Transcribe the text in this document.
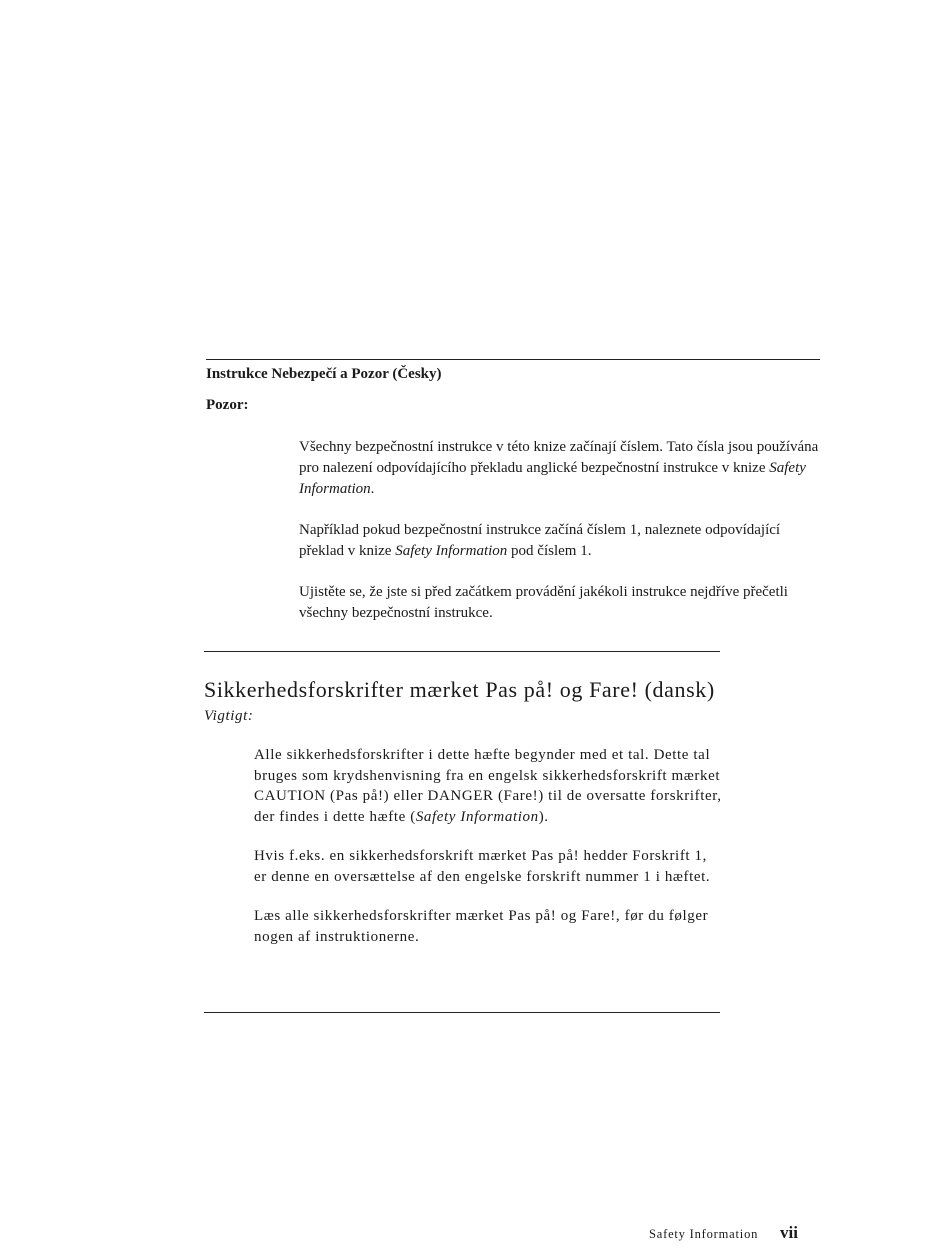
Instrukce Nebezpečí a Pozor (Česky)
Pozor:

Všechny bezpečnostní instrukce v této knize začínají číslem. Tato čísla jsou používána pro nalezení odpovídajícího překladu anglické bezpečnostní instrukce v knize Safety Information.

Například pokud bezpečnostní instrukce začíná číslem 1, naleznete odpovídající překlad v knize Safety Information pod číslem 1.

Ujistěte se, že jste si před začátkem provádění jakékoli instrukce nejdříve přečetli všechny bezpečnostní instrukce.

Sikkerhedsforskrifter mærket Pas på! og Fare! (dansk)
Vigtigt:

Alle sikkerhedsforskrifter i dette hæfte begynder med et tal. Dette tal bruges som krydshenvisning fra en engelsk sikkerhedsforskrift mærket CAUTION (Pas på!) eller DANGER (Fare!) til de oversatte forskrifter, der findes i dette hæfte (Safety Information).

Hvis f.eks. en sikkerhedsforskrift mærket Pas på! hedder Forskrift 1, er denne en oversættelse af den engelske forskrift nummer 1 i hæftet.

Læs alle sikkerhedsforskrifter mærket Pas på! og Fare!, før du følger nogen af instruktionerne.

Safety Information vii
